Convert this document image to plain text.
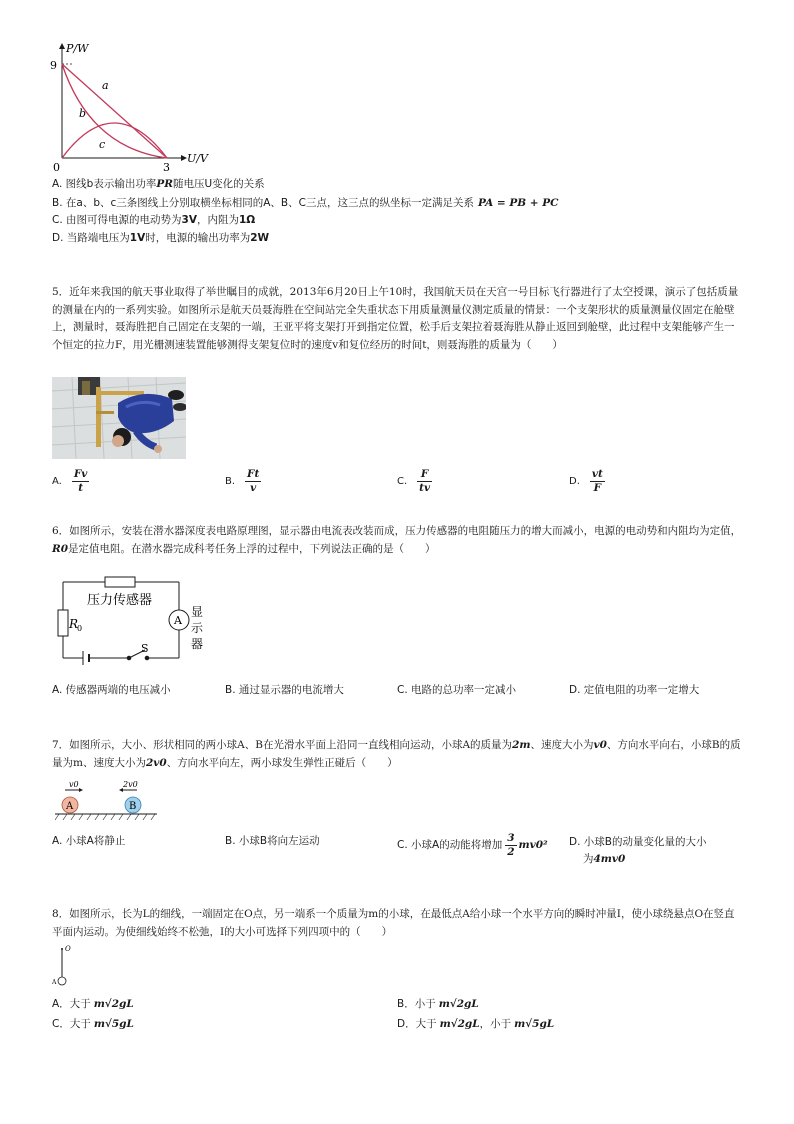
P/W
9
0	3
U/V
a
b
c
A. 图线b表示输出功率PR随电压U变化的关系
B. 在a、b、c三条图线上分别取横坐标相同的A、B、C三点，这三点的纵坐标一定满足关系 PA = PB + PC
C. 由图可得电源的电动势为3V，内阻为1Ω
D. 当路端电压为1V时，电源的输出功率为2W
5．近年来我国的航天事业取得了举世瞩目的成就，2013年6月20日上午10时，我国航天员在天宫一号目标飞行器进行了太空授课，演示了包括质量的测量在内的一系列实验。如图所示是航天员聂海胜在空间站完全失重状态下用质量测量仪测定质量的情景：一个支架形状的质量测量仪固定在舱壁上，测量时，聂海胜把自己固定在支架的一端，王亚平将支架打开到指定位置，松手后支架拉着聂海胜从静止返回到舱壁，此过程中支架能够产生一个恒定的拉力F，用光栅测速装置能够测得支架复位时的速度v和复位经历的时间t，则聂海胜的质量为（　　）
A. $\frac{Fv}{t}$	B. $\frac{Ft}{v}$	C. $\frac{F}{tv}$	D. $\frac{vt}{F}$
6．如图所示，安装在潜水器深度表电路原理图，显示器由电流表改装而成，压力传感器的电阻随压力的增大而减小，电源的电动势和内阻均为定值，R0是定值电阻。在潜水器完成科考任务上浮的过程中，下列说法正确的是（　　）
压力传感器
R
0
A
显
示
器
S
A. 传感器两端的电压减小	B. 通过显示器的电流增大	C. 电路的总功率一定减小	D. 定值电阻的功率一定增大
7．如图所示，大小、形状相同的两小球A、B在光滑水平面上沿同一直线相向运动，小球A的质量为2m、速度大小为v0、方向水平向右，小球B的质量为m、速度大小为2v0、方向水平向左，两小球发生弹性正碰后（　　）
v0	2v0
A	B
A. 小球A将静止	B. 小球B将向左运动	C. 小球A的动能将增加 $\frac{3}{2} mv0^2$ D. 小球B的动量变化量的大小
为4mv0
8．如图所示，长为L的细线，一端固定在O点，另一端系一个质量为m的小球，在最低点A给小球一个水平方向的瞬时冲量I，使小球绕悬点O在竖直平面内运动。为使细线始终不松弛，I的大小可选择下列四项中的（　　）
O
A
A．大于 m√2gL	B．小于 m√2gL
C．大于 m√5gL	D．大于 m√2gL，小于 m√5gL
